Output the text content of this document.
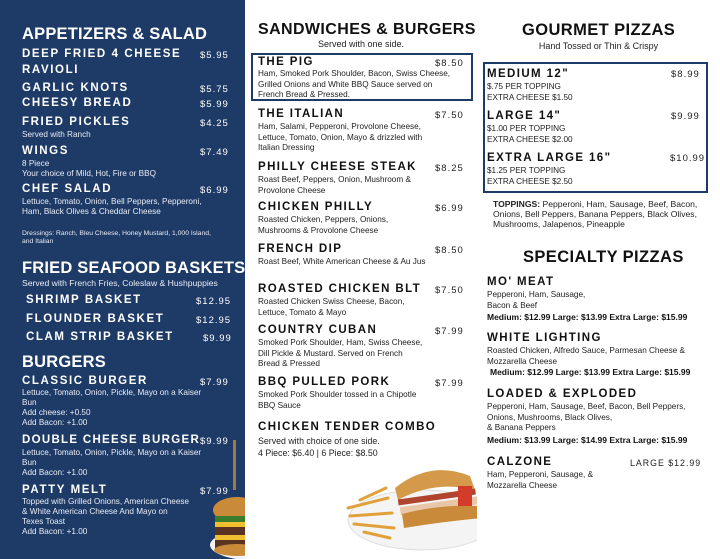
APPETIZERS & SALAD
DEEP FRIED 4 CHEESE $5.95
RAVIOLI
GARLIC KNOTS	$5.75
CHEESY BREAD	$5.99
FRIED PICKLES	$4.25
Served with Ranch
WINGS	$7.49
8 Piece
Your choice of Mild, Hot, Fire or BBQ
CHEF SALAD	$6.99
Lettuce, Tomato, Onion, Bell Peppers, Pepperoni, Ham, Black Olives & Cheddar Cheese
Dressings: Ranch, Bleu Cheese, Honey Mustard, 1,000 Island, and Italian
FRIED SEAFOOD BASKETS
Served with French Fries, Coleslaw & Hushpuppies
SHRIMP BASKET	$12.95
FLOUNDER BASKET	$12.95
CLAM STRIP BASKET	$9.99
BURGERS
CLASSIC BURGER	$7.99
Lettuce, Tomato, Onion, Pickle, Mayo on a Kaiser Bun
Add cheese: +0.50
Add Bacon: +1.00
DOUBLE CHEESE BURGER $9.99
Lettuce, Tomato, Onion, Pickle, Mayo on a Kaiser Bun
Add Bacon: +1.00
PATTY MELT	$7.99
Topped with Grilled Onions, American Cheese & White American Cheese And Mayo on Texes Toast
Add Bacon: +1.00
SANDWICHES & BURGERS
Served with one side.
THE PIG	$8.50
Ham, Smoked Pork Shoulder, Bacon, Swiss Cheese, Grilled Onions and White BBQ Sauce served on French Bread & Pressed.
THE ITALIAN	$7.50
Ham, Salami, Pepperoni, Provolone Cheese, Lettuce, Tomato, Onion, Mayo & drizzled with Italian Dressing
PHILLY CHEESE STEAK $8.25
Roast Beef, Peppers, Onion, Mushroom & Provolone Cheese
CHICKEN PHILLY	$6.99
Roasted Chicken, Peppers, Onions, Mushrooms & Provolone Cheese
FRENCH DIP	$8.50
Roast Beef, White American Cheese & Au Jus
ROASTED CHICKEN BLT $7.50
Roasted Chicken Swiss Cheese, Bacon, Lettuce, Tomato & Mayo
COUNTRY CUBAN	$7.99
Smoked Pork Shoulder, Ham, Swiss Cheese, Dill Pickle & Mustard. Served on French Bread & Pressed
BBQ PULLED PORK	$7.99
Smoked Pork Shoulder tossed in a Chipotle BBQ Sauce
CHICKEN TENDER COMBO
Served with choice of one side.
4 Piece: $6.40 | 6 Piece: $8.50
GOURMET PIZZAS
Hand Tossed or Thin & Crispy
MEDIUM 12"	$8.99
$.75 PER TOPPING
EXTRA CHEESE $1.50
LARGE 14"	$9.99
$1.00 PER TOPPING
EXTRA CHEESE $2.00
EXTRA LARGE 16"	$10.99
$1.25 PER TOPPING
EXTRA CHEESE $2.50
TOPPINGS: Pepperoni, Ham, Sausage, Beef, Bacon, Onions, Bell Peppers, Banana Peppers, Black Olives, Mushrooms, Jalapenos, Pineapple
SPECIALTY PIZZAS
MO' MEAT
Pepperoni, Ham, Sausage,
Bacon & Beef
Medium: $12.99 Large: $13.99 Extra Large: $15.99
WHITE LIGHTING
Roasted Chicken, Alfredo Sauce, Parmesan Cheese & Mozzarella Cheese
Medium: $12.99 Large: $13.99 Extra Large: $15.99
LOADED & EXPLODED
Pepperoni, Ham, Sausage, Beef, Bacon, Bell Peppers, Onions, Mushrooms, Black Olives,
& Banana Peppers
Medium: $13.99 Large: $14.99 Extra Large: $15.99
CALZONE	LARGE $12.99
Ham, Pepperoni, Sausage, &
Mozzarella Cheese
